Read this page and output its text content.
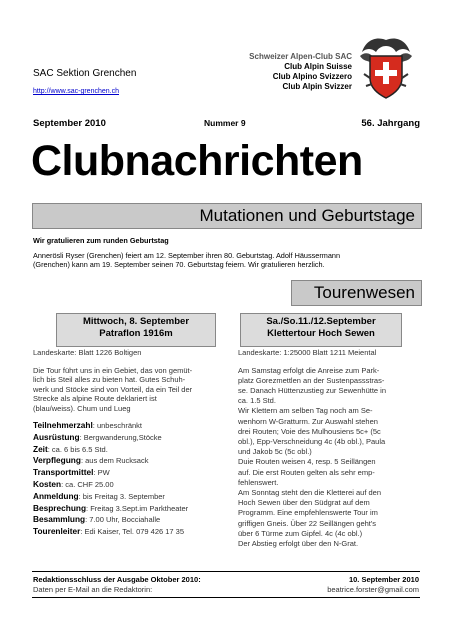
SAC Sektion Grenchen
http://www.sac-grenchen.ch
Schweizer Alpen-Club SAC
Club Alpin Suisse
Club Alpino Svizzero
Club Alpin Svizzer
September 2010	Nummer 9	56. Jahrgang
Clubnachrichten
Mutationen und Geburtstage
Wir gratulieren zum runden Geburtstag
Annerösli Ryser (Grenchen) feiert am 12. September ihren 80. Geburtstag. Adolf Häussermann
(Grenchen) kann am 19. September seinen 70. Geburtstag feiern. Wir gratulieren herzlich.
Tourenwesen
Mittwoch, 8. September
Patraflon 1916m
Sa./So.11./12.September
Klettertour Hoch Sewen
Landeskarte: Blatt 1226 Boltigen
Die Tour führt uns in ein Gebiet, das von gemüt-
lich bis Steil alles zu bieten hat. Gutes Schuh-
werk und Stöcke sind von Vorteil, da ein Teil der
Strecke als alpine Route deklariert ist
(blau/weiss). Chum und Lueg
Teilnehmerzahl: unbeschränkt
Ausrüstung: Bergwanderung,Stöcke
Zeit: ca. 6 bis 6.5 Std.
Verpflegung: aus dem Rucksack
Transportmittel: PW
Kosten: ca. CHF 25.00
Anmeldung: bis Freitag 3. September
Besprechung: Freitag 3.Sept.im Parktheater
Besammlung: 7.00 Uhr, Bocciahalle
Tourenleiter: Edi Kaiser, Tel. 079 426 17 35
Landeskarte: 1:25000 Blatt 1211 Meiental
Am Samstag erfolgt die Anreise zum Park-
platz Gorezmettlen an der Sustenpassstras-
se. Danach Hüttenzustieg zur Sewenhütte in
ca. 1.5 Std.
Wir Klettern am selben Tag noch am Se-
wenhorn W-Gratturm. Zur Auswahl stehen
drei Routen; Voie des Mulhousiens 5c+ (5c
obl.), Epp-Verschneidung 4c (4b obl.), Paula
und Jakob 5c (5c obl.)
Duie Routen weisen 4, resp. 5 Seillängen
auf. Die erst Routen gelten als sehr emp-
fehlenswert.
Am Sonntag steht den die Kletterei auf den
Hoch Sewen über den Südgrat auf dem
Programm. Eine empfehlenswerte Tour im
griffigen Gneis. Über 22 Seillängen geht's
über 6 Türme zum Gipfel. 4c (4c obl.)
Der Abstieg erfolgt über den N-Grat.
Redaktionsschluss der Ausgabe Oktober 2010:	10. September 2010
Daten per E-Mail an die Redaktorin:	beatrice.forster@gmail.com
